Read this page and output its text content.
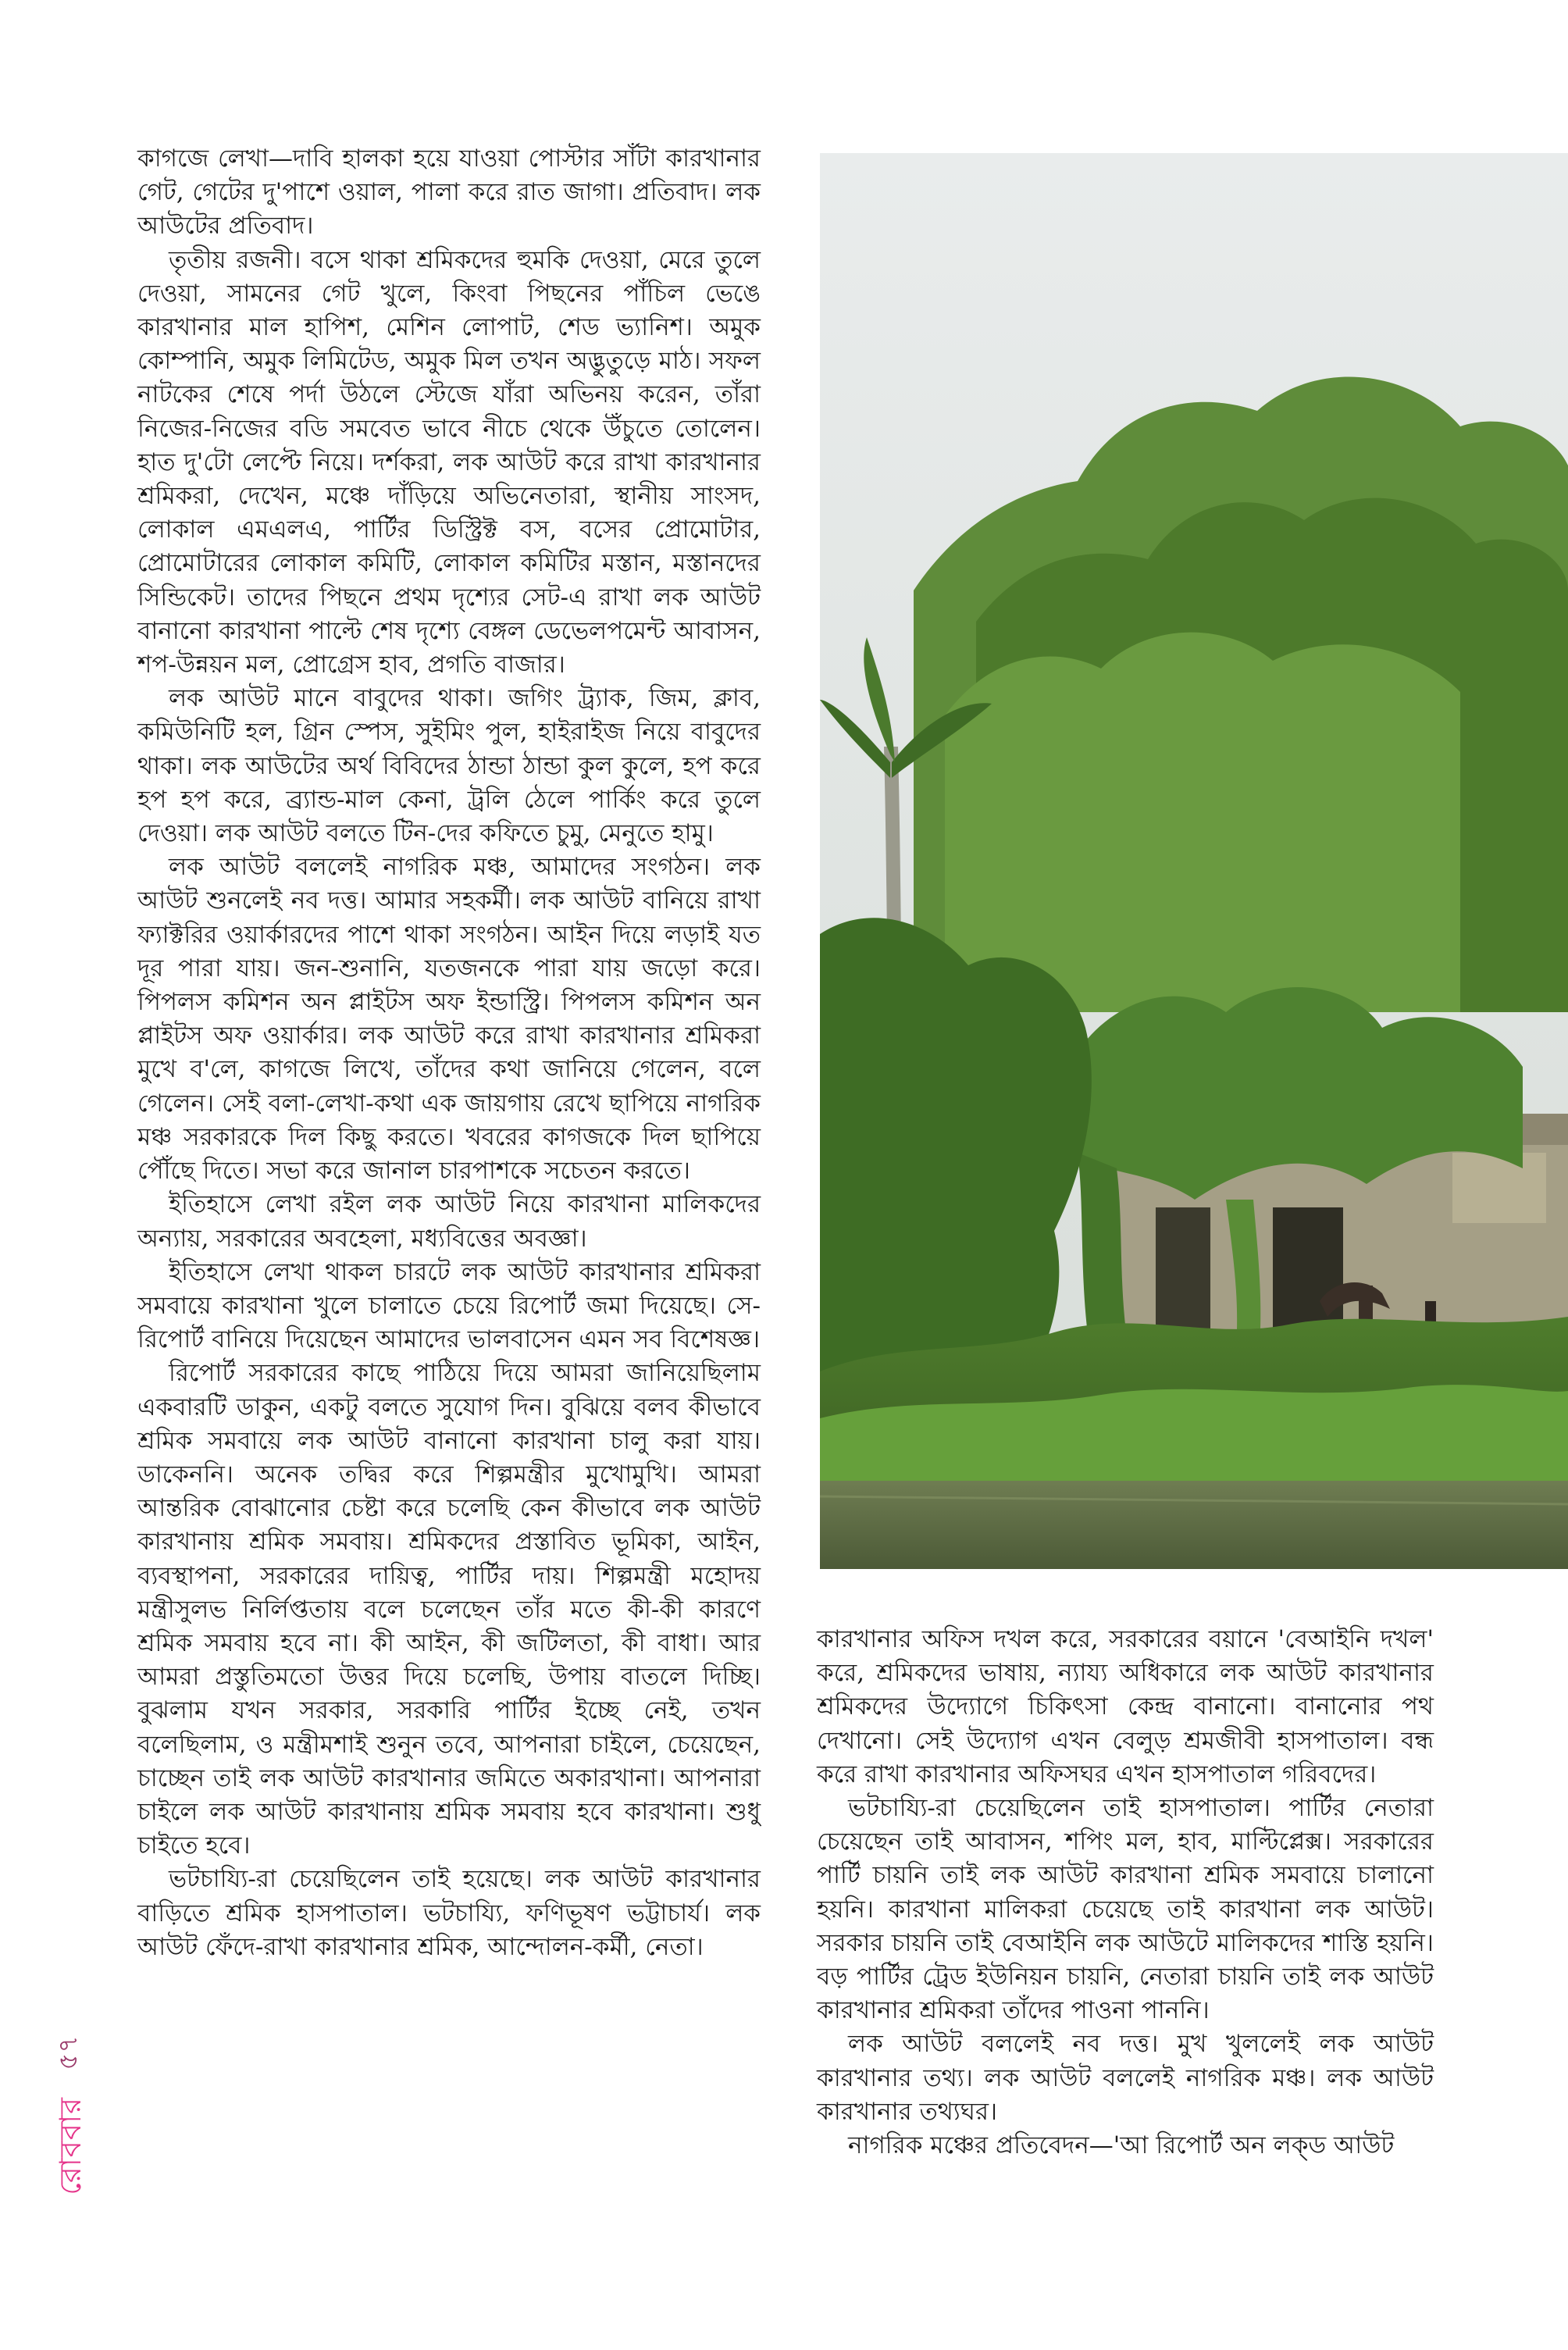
কাগজে লেখা—দাবি হালকা হয়ে যাওয়া পোস্টার সাঁটা কারখানার গেট, গেটের দু'পাশে ওয়াল, পালা করে রাত জাগা। প্রতিবাদ। লক আউটের প্রতিবাদ।

তৃতীয় রজনী। বসে থাকা শ্রমিকদের হুমকি দেওয়া, মেরে তুলে দেওয়া, সামনের গেট খুলে, কিংবা পিছনের পাঁচিল ভেঙে কারখানার মাল হাপিশ, মেশিন লোপাট, শেড ভ্যানিশ। অমুক কোম্পানি, অমুক লিমিটেড, অমুক মিল তখন অদ্ভুতুড়ে মাঠ। সফল নাটকের শেষে পর্দা উঠলে স্টেজে যাঁরা অভিনয় করেন, তাঁরা নিজের-নিজের বডি সমবেত ভাবে নীচে থেকে উঁচুতে তোলেন। হাত দু'টো লেপ্টে নিয়ে। দর্শকরা, লক আউট করে রাখা কারখানার শ্রমিকরা, দেখেন, মঞ্চে দাঁড়িয়ে অভিনেতারা, স্থানীয় সাংসদ, লোকাল এমএলএ, পার্টির ডিস্ট্রিক্ট বস, বসের প্রোমোটার, প্রোমোটারের লোকাল কমিটি, লোকাল কমিটির মস্তান, মস্তানদের সিন্ডিকেট। তাদের পিছনে প্রথম দৃশ্যের সেট-এ রাখা লক আউট বানানো কারখানা পাল্টে শেষ দৃশ্যে বেঙ্গল ডেভেলপমেন্ট আবাসন, শপ-উন্নয়ন মল, প্রোগ্রেস হাব, প্রগতি বাজার।

লক আউট মানে বাবুদের থাকা। জগিং ট্র্যাক, জিম, ক্লাব, কমিউনিটি হল, গ্রিন স্পেস, সুইমিং পুল, হাইরাইজ নিয়ে বাবুদের থাকা। লক আউটের অর্থ বিবিদের ঠান্ডা ঠান্ডা কুল কুলে, হপ করে হপ হপ করে, ব্র্যান্ড-মাল কেনা, ট্রলি ঠেলে পার্কিং করে তুলে দেওয়া। লক আউট বলতে টিন-দের কফিতে চুমু, মেনুতে হামু।

লক আউট বললেই নাগরিক মঞ্চ, আমাদের সংগঠন। লক আউট শুনলেই নব দত্ত। আমার সহকর্মী। লক আউট বানিয়ে রাখা ফ্যাক্টরির ওয়ার্কারদের পাশে থাকা সংগঠন। আইন দিয়ে লড়াই যত দূর পারা যায়। জন-শুনানি, যতজনকে পারা যায় জড়ো করে। পিপলস কমিশন অন প্লাইটস অফ ইন্ডাস্ট্রি। পিপলস কমিশন অন প্লাইটস অফ ওয়ার্কার। লক আউট করে রাখা কারখানার শ্রমিকরা মুখে ব'লে, কাগজে লিখে, তাঁদের কথা জানিয়ে গেলেন, বলে গেলেন। সেই বলা-লেখা-কথা এক জায়গায় রেখে ছাপিয়ে নাগরিক মঞ্চ সরকারকে দিল কিছু করতে। খবরের কাগজকে দিল ছাপিয়ে পৌঁছে দিতে। সভা করে জানাল চারপাশকে সচেতন করতে।

ইতিহাসে লেখা রইল লক আউট নিয়ে কারখানা মালিকদের অন্যায়, সরকারের অবহেলা, মধ্যবিত্তের অবজ্ঞা।

ইতিহাসে লেখা থাকল চারটে লক আউট কারখানার শ্রমিকরা সমবায়ে কারখানা খুলে চালাতে চেয়ে রিপোর্ট জমা দিয়েছে। সে-রিপোর্ট বানিয়ে দিয়েছেন আমাদের ভালবাসেন এমন সব বিশেষজ্ঞ।

রিপোর্ট সরকারের কাছে পাঠিয়ে দিয়ে আমরা জানিয়েছিলাম একবারটি ডাকুন, একটু বলতে সুযোগ দিন। বুঝিয়ে বলব কীভাবে শ্রমিক সমবায়ে লক আউট বানানো কারখানা চালু করা যায়। ডাকেননি। অনেক তদ্বির করে শিল্পমন্ত্রীর মুখোমুখি। আমরা আন্তরিক বোঝানোর চেষ্টা করে চলেছি কেন কীভাবে লক আউট কারখানায় শ্রমিক সমবায়। শ্রমিকদের প্রস্তাবিত ভূমিকা, আইন, ব্যবস্থাপনা, সরকারের দায়িত্ব, পার্টির দায়। শিল্পমন্ত্রী মহোদয় মন্ত্রীসুলভ নির্লিপ্ততায় বলে চলেছেন তাঁর মতে কী-কী কারণে শ্রমিক সমবায় হবে না। কী আইন, কী জটিলতা, কী বাধা। আর আমরা প্রস্তুতিমতো উত্তর দিয়ে চলেছি, উপায় বাতলে দিচ্ছি। বুঝলাম যখন সরকার, সরকারি পার্টির ইচ্ছে নেই, তখন বলেছিলাম, ও মন্ত্রীমশাই শুনুন তবে, আপনারা চাইলে, চেয়েছেন, চাচ্ছেন তাই লক আউট কারখানার জমিতে অকারখানা। আপনারা চাইলে লক আউট কারখানায় শ্রমিক সমবায় হবে কারখানা। শুধু চাইতে হবে।

ভটচায্যি-রা চেয়েছিলেন তাই হয়েছে। লক আউট কারখানার বাড়িতে শ্রমিক হাসপাতাল। ভটচায্যি, ফণিভূষণ ভট্টাচার্য। লক আউট ফেঁদে-রাখা কারখানার শ্রমিক, আন্দোলন-কর্মী, নেতা।

কারখানার অফিস দখল করে, সরকারের বয়ানে 'বেআইনি দখল' করে, শ্রমিকদের ভাষায়, ন্যায্য অধিকারে লক আউট কারখানার শ্রমিকদের উদ্যোগে চিকিৎসা কেন্দ্র বানানো। বানানোর পথ দেখানো। সেই উদ্যোগ এখন বেলুড় শ্রমজীবী হাসপাতাল। বন্ধ করে রাখা কারখানার অফিসঘর এখন হাসপাতাল গরিবদের।

ভটচায্যি-রা চেয়েছিলেন তাই হাসপাতাল। পার্টির নেতারা চেয়েছেন তাই আবাসন, শপিং মল, হাব, মাল্টিপ্লেক্স। সরকারের পার্টি চায়নি তাই লক আউট কারখানা শ্রমিক সমবায়ে চালানো হয়নি। কারখানা মালিকরা চেয়েছে তাই কারখানা লক আউট। সরকার চায়নি তাই বেআইনি লক আউটে মালিকদের শাস্তি হয়নি। বড় পার্টির ট্রেড ইউনিয়ন চায়নি, নেতারা চায়নি তাই লক আউট কারখানার শ্রমিকরা তাঁদের পাওনা পাননি।

লক আউট বললেই নব দত্ত। মুখ খুললেই লক আউট কারখানার তথ্য। লক আউট বললেই নাগরিক মঞ্চ। লক আউট কারখানার তথ্যঘর।

নাগরিক মঞ্চের প্রতিবেদন—'আ রিপোর্ট অন লক্‌ড আউট

৫৭
রোববার
